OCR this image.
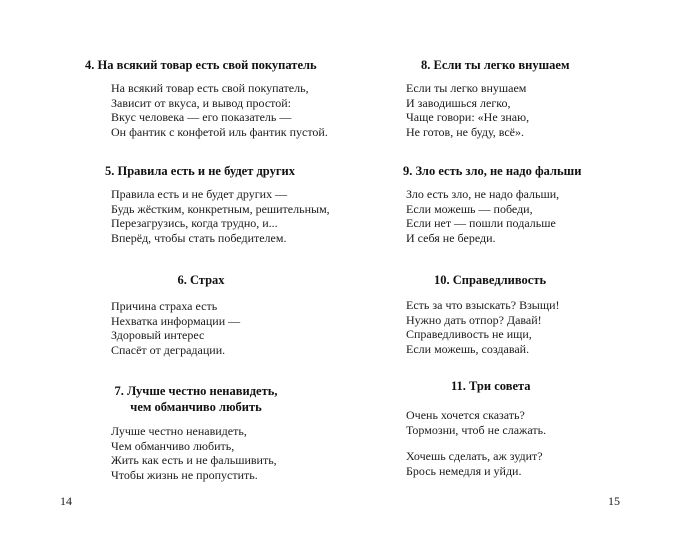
4. На всякий товар есть свой покупатель
На всякий товар есть свой покупатель,
Зависит от вкуса, и вывод простой:
Вкус человека — его показатель —
Он фантик с конфетой иль фантик пустой.
5. Правила есть и не будет других
Правила есть и не будет других —
Будь жёстким, конкретным, решительным,
Перезагрузись, когда трудно, и...
Вперёд, чтобы стать победителем.
6. Страх
Причина страха есть
Нехватка информации —
Здоровый интерес
Спасёт от деградации.
7. Лучше честно ненавидеть,
чем обманчиво любить
Лучше честно ненавидеть,
Чем обманчиво любить,
Жить как есть и не фальшивить,
Чтобы жизнь не пропустить.
14
8. Если ты легко внушаем
Если ты легко внушаем
И заводишься легко,
Чаще говори: «Не знаю,
Не готов, не буду, всё».
9. Зло есть зло, не надо фальши
Зло есть зло, не надо фальши,
Если можешь — победи,
Если нет — пошли подальше
И себя не береди.
10. Справедливость
Есть за что взыскать? Взыщи!
Нужно дать отпор? Давай!
Справедливость не ищи,
Если можешь, создавай.
11. Три совета
Очень хочется сказать?
Тормозни, чтоб не слажать.
Хочешь сделать, аж зудит?
Брось немедля и уйди.
15
